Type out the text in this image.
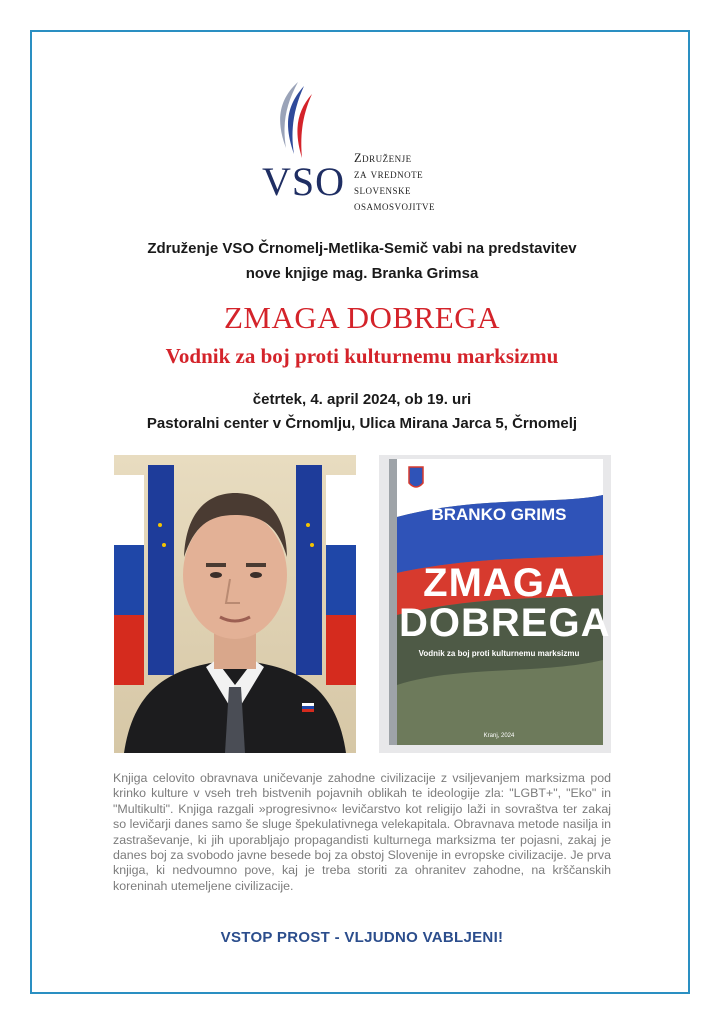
VSO
Združenje
za vrednote
slovenske
osamosvojitve
Združenje VSO Črnomelj-Metlika-Semič vabi na predstavitev
nove knjige mag. Branka Grimsa
ZMAGA DOBREGA
Vodnik za boj proti kulturnemu marksizmu
četrtek, 4. april 2024, ob 19. uri
Pastoralni center v Črnomlju, Ulica Mirana Jarca 5, Črnomelj
Mag.
BRANKO GRIMS
ZMAGA
DOBREGA
Vodnik za boj proti kulturnemu marksizmu
Kranj, 2024
Knjiga celovito obravnava uničevanje zahodne civilizacije z vsiljevanjem marksizma pod krinko kulture v vseh treh bistvenih pojavnih oblikah te ideologije zla: "LGBT+", "Eko" in "Multikulti". Knjiga razgali »progresivno« levičarstvo kot religijo laži in sovraštva ter zakaj so levičarji danes samo še sluge špekulativnega velekapitala. Obravnava metode nasilja in zastraševanje, ki jih uporabljajo propagandisti kulturnega marksizma ter pojasni, zakaj je danes boj za svobodo javne besede boj za obstoj Slovenije in evropske civilizacije. Je prva knjiga, ki nedvoumno pove, kaj je treba storiti za ohranitev zahodne, na krščanskih koreninah utemeljene civilizacije.
VSTOP PROST - VLJUDNO VABLJENI!
